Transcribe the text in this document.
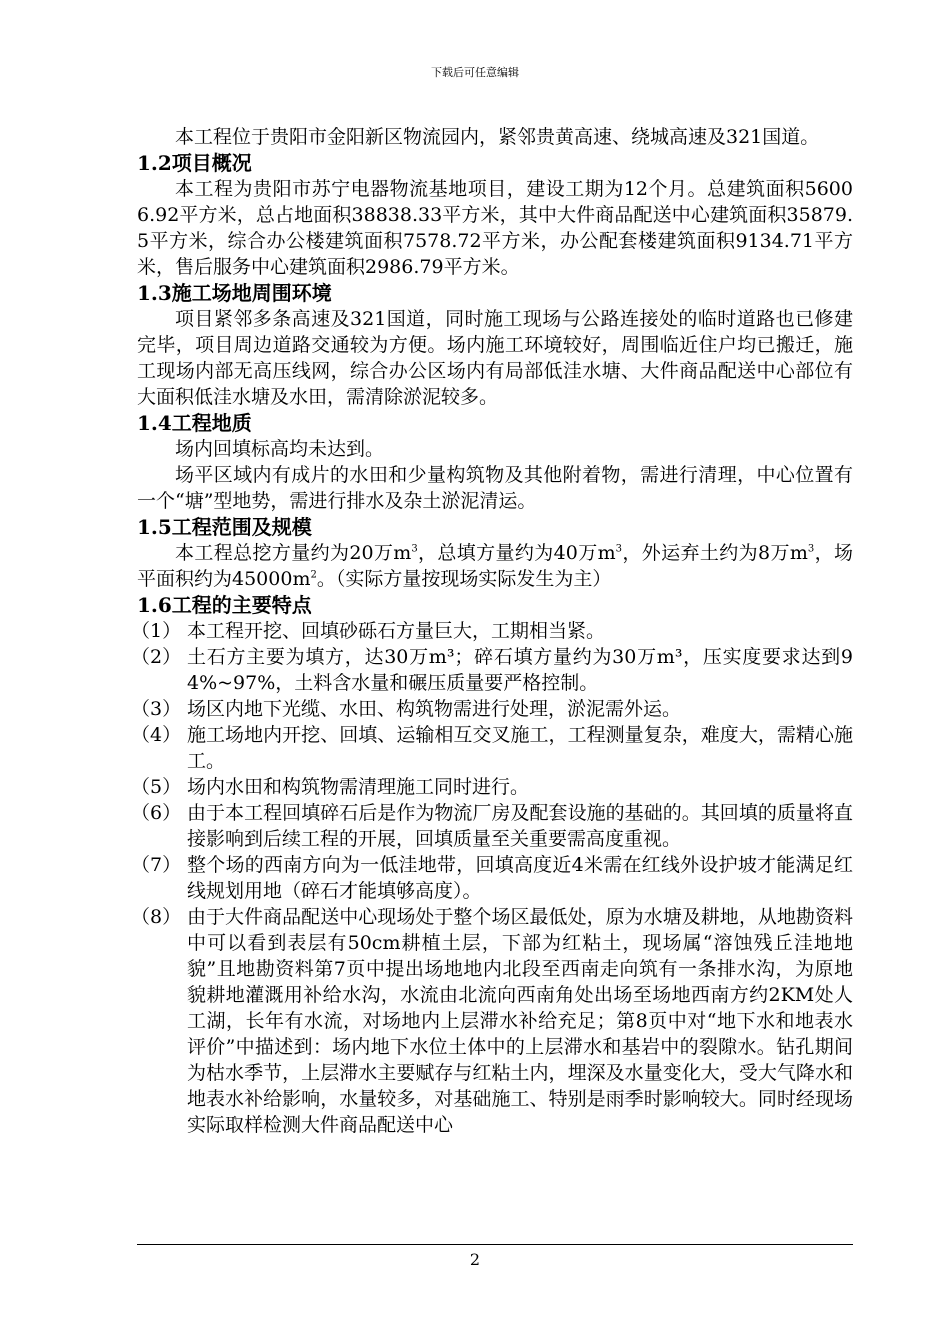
下载后可任意编辑

本工程位于贵阳市金阳新区物流园内，紧邻贵黄高速、绕城高速及321国道。

1.2项目概况

本工程为贵阳市苏宁电器物流基地项目，建设工期为12个月。总建筑面积56006.92平方米，总占地面积38838.33平方米，其中大件商品配送中心建筑面积35879.5平方米，综合办公楼建筑面积7578.72平方米，办公配套楼建筑面积9134.71平方米，售后服务中心建筑面积2986.79平方米。

1.3施工场地周围环境

项目紧邻多条高速及321国道，同时施工现场与公路连接处的临时道路也已修建完毕，项目周边道路交通较为方便。场内施工环境较好，周围临近住户均已搬迁，施工现场内部无高压线网，综合办公区场内有局部低洼水塘、大件商品配送中心部位有大面积低洼水塘及水田，需清除淤泥较多。

1.4工程地质

场内回填标高均未达到。

场平区域内有成片的水田和少量构筑物及其他附着物，需进行清理，中心位置有一个“塘”型地势，需进行排水及杂土淤泥清运。

1.5工程范围及规模

本工程总挖方量约为20万$m^3$，总填方量约为40万$m^3$，外运弃土约为8万$m^3$，场平面积约为$45000m^2$。（实际方量按现场实际发生为主）

1.6工程的主要特点

（1） 本工程开挖、回填砂砾石方量巨大，工期相当紧。
（2） 土石方主要为填方，达30万m³；碎石填方量约为30万m³，压实度要求达到94%~97%，土料含水量和碾压质量要严格控制。
（3） 场区内地下光缆、水田、构筑物需进行处理，淤泥需外运。
（4） 施工场地内开挖、回填、运输相互交叉施工，工程测量复杂，难度大，需精心施工。
（5） 场内水田和构筑物需清理施工同时进行。
（6） 由于本工程回填碎石后是作为物流厂房及配套设施的基础的。其回填的质量将直接影响到后续工程的开展，回填质量至关重要需高度重视。
（7） 整个场的西南方向为一低洼地带，回填高度近4米需在红线外设护坡才能满足红线规划用地（碎石才能填够高度）。
（8） 由于大件商品配送中心现场处于整个场区最低处，原为水塘及耕地，从地勘资料中可以看到表层有50cm耕植土层，下部为红粘土，现场属“溶蚀残丘洼地地貌”且地勘资料第7页中提出场地地内北段至西南走向筑有一条排水沟，为原地貌耕地灌溉用补给水沟，水流由北流向西南角处出场至场地西南方约2KM处人工湖，长年有水流，对场地内上层滞水补给充足；第8页中对“地下水和地表水评价”中描述到：场内地下水位土体中的上层滞水和基岩中的裂隙水。钻孔期间为枯水季节，上层滞水主要赋存与红粘土内，埋深及水量变化大，受大气降水和地表水补给影响，水量较多，对基础施工、特别是雨季时影响较大。同时经现场实际取样检测大件商品配送中心
2
